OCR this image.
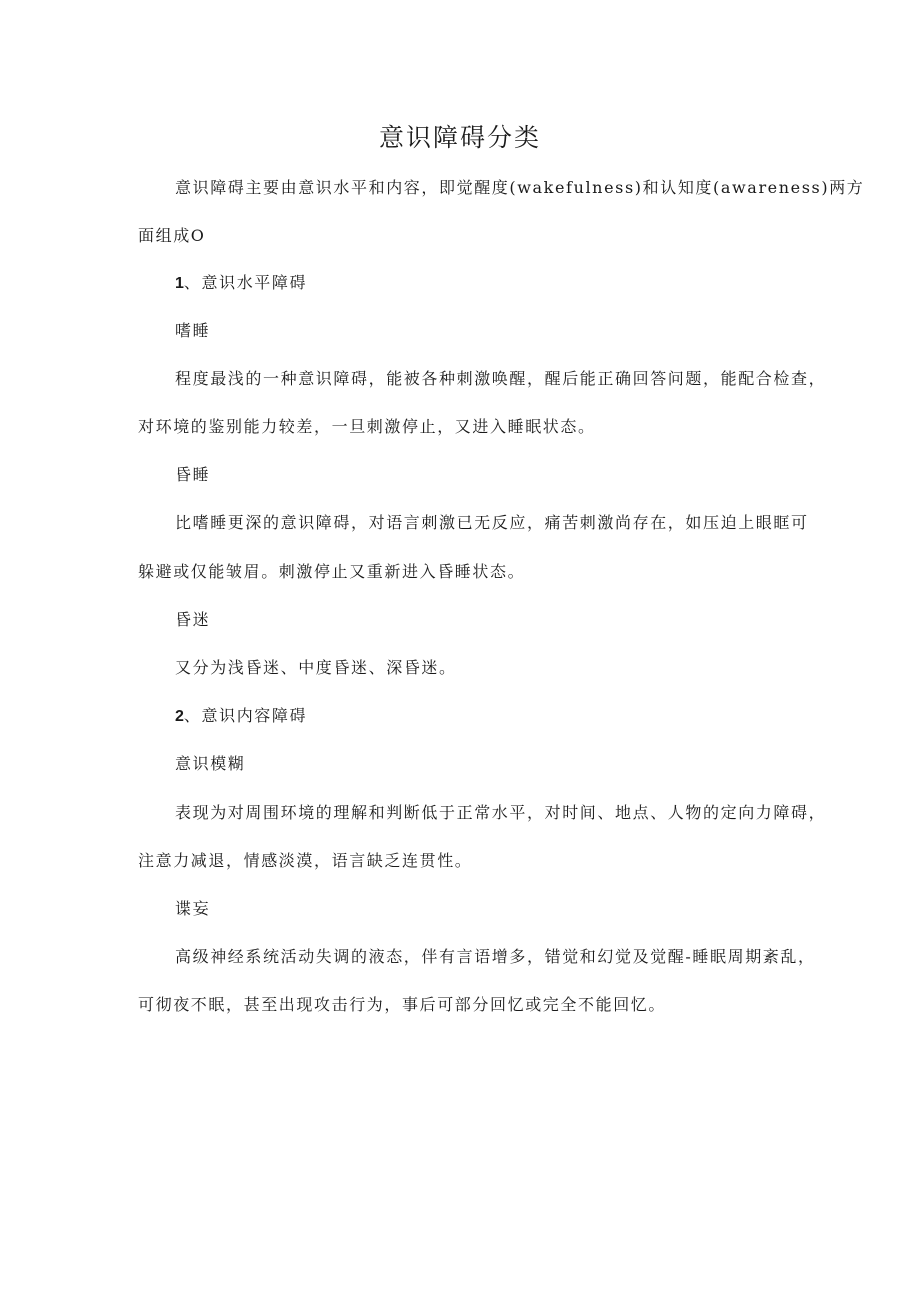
意识障碍分类
意识障碍主要由意识水平和内容，即觉醒度(wakefulness)和认知度(awareness)两方
面组成O
1、意识水平障碍
嗜睡
程度最浅的一种意识障碍，能被各种刺激唤醒，醒后能正确回答问题，能配合检查，
对环境的鉴别能力较差，一旦刺激停止，又进入睡眠状态。
昏睡
比嗜睡更深的意识障碍，对语言刺激已无反应，痛苦刺激尚存在，如压迫上眼眶可
躲避或仅能皱眉。刺激停止又重新进入昏睡状态。
昏迷
又分为浅昏迷、中度昏迷、深昏迷。
2、意识内容障碍
意识模糊
表现为对周围环境的理解和判断低于正常水平，对时间、地点、人物的定向力障碍，
注意力减退，情感淡漠，语言缺乏连贯性。
谍妄
高级神经系统活动失调的液态，伴有言语增多，错觉和幻觉及觉醒-睡眠周期紊乱，
可彻夜不眠，甚至出现攻击行为，事后可部分回忆或完全不能回忆。
